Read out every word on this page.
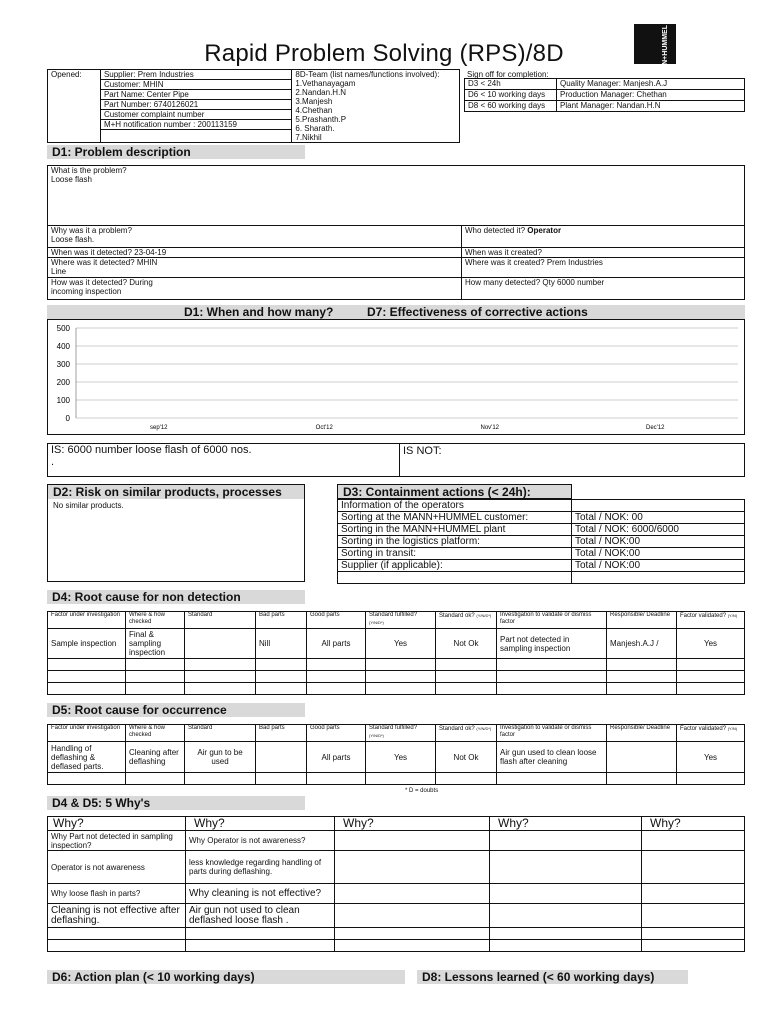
Rapid Problem Solving (RPS)/8D	MANN+HUMMEL
Opened:	Supplier: Prem Industries
Customer: MHIN
Part Name: Center Pipe
Part Number: 6740126021
Customer complaint number
M+H notification number : 200113159

8D-Team (list names/functions involved):
1.Vethanayagam
2.Nandan.H.N
3.Manjesh
4.Chethan
5.Prashanth.P
6. Sharath.
7.Nikhil
Sign off for completion:
D3 < 24h	Quality Manager: Manjesh.A.J
D6 < 10 working days	Production Manager: Chethan
D8 < 60 working days	Plant Manager: Nandan.H.N
D1: Problem description
What is the problem?
Loose flash	

Why was it a problem?
Loose flash.	Who detected it? Operator
When was it detected? 23-04-19	When was it created?

Where was it detected? MHIN
Line	Where was it created? Prem Industries

How was it detected? During
incoming inspection	How many detected? Qty 6000 number
D1: When and how many?	D7: Effectiveness of corrective actions
500
400
300
200
100
0
sep'12	Oct'12	Nov'12	Dec'12
IS: 6000 number loose flash of 6000 nos.
.
	IS NOT:
D2: Risk on similar products, processes
No similar products.
D3: Containment actions (< 24h):
Information of the operators	
Sorting at the MANN+HUMMEL customer:	Total / NOK: 00
Sorting in the MANN+HUMMEL plant	Total / NOK: 6000/6000
Sorting in the logistics platform:	Total / NOK:00
Sorting in transit:	Total / NOK:00
Supplier (if applicable):	Total / NOK:00

D4: Root cause for non detection
Factor under investigation	Where & how checked	Standard	Bad parts	Good parts	Standard fulfilled? (Y/N/D*)	Standard ok? (Y/N/D*)	Investigation to validate or dismiss factor	Responsible/ Deadline	Factor validated? (Y/N)
Sample inspection	Final & sampling inspection		Nill	All parts	Yes	Not Ok	Part not detected in sampling inspection	Manjesh.A.J /	Yes

D5: Root cause for occurrence
Factor under investigation	Where & how checked	Standard	Bad parts	Good parts	Standard fulfilled? (Y/N/D*)	Standard ok? (Y/N/D*)	Investigation to validate or dismiss factor	Responsible/ Deadline	Factor validated? (Y/N)
Handling of deflashing & deflased parts.	Cleaning after deflashing	Air gun to be used		All parts	Yes	Not Ok	Air gun used to clean loose flash after cleaning		Yes

* D = doubts
D4 & D5: 5 Why's
Why?	Why?	Why?	Why?	Why?
Why Part not detected in sampling inspection?	Why Operator is not awareness?			
Operator is not awareness	less knowledge regarding handling of parts during deflashing.			
Why loose flash in parts?	Why cleaning is not effective?			
Cleaning is not effective after deflashing.	Air gun not used to clean deflashed loose flash .			

D6: Action plan (< 10 working days)	D8: Lessons learned (< 60 working days)
